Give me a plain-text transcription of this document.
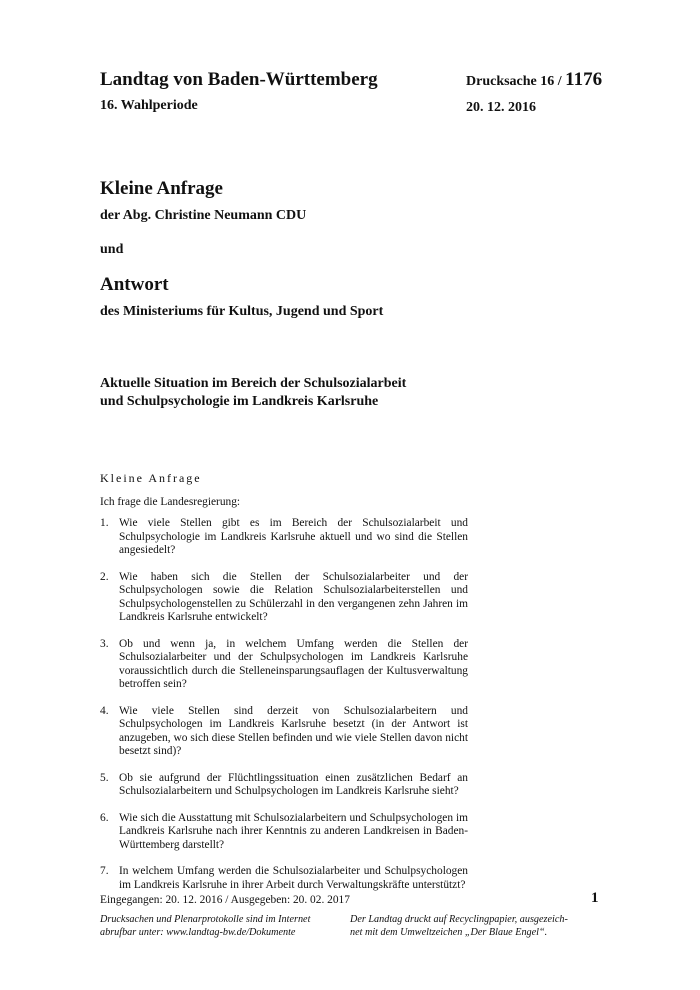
Landtag von Baden-Württemberg
16. Wahlperiode
Drucksache 16 / 1176
20. 12. 2016
Kleine Anfrage
der Abg. Christine Neumann CDU
und
Antwort
des Ministeriums für Kultus, Jugend und Sport
Aktuelle Situation im Bereich der Schulsozialarbeit
und Schulpsychologie im Landkreis Karlsruhe
Kleine Anfrage
Ich frage die Landesregierung:
1. Wie viele Stellen gibt es im Bereich der Schulsozialarbeit und Schulpsychologie im Landkreis Karlsruhe aktuell und wo sind die Stellen angesiedelt?
2. Wie haben sich die Stellen der Schulsozialarbeiter und der Schulpsychologen sowie die Relation Schulsozialarbeiterstellen und Schulpsychologenstellen zu Schülerzahl in den vergangenen zehn Jahren im Landkreis Karlsruhe entwickelt?
3. Ob und wenn ja, in welchem Umfang werden die Stellen der Schulsozialarbeiter und der Schulpsychologen im Landkreis Karlsruhe voraussichtlich durch die Stelleneinsparungsauflagen der Kultusverwaltung betroffen sein?
4. Wie viele Stellen sind derzeit von Schulsozialarbeitern und Schulpsychologen im Landkreis Karlsruhe besetzt (in der Antwort ist anzugeben, wo sich diese Stellen befinden und wie viele Stellen davon nicht besetzt sind)?
5. Ob sie aufgrund der Flüchtlingssituation einen zusätzlichen Bedarf an Schulsozialarbeitern und Schulpsychologen im Landkreis Karlsruhe sieht?
6. Wie sich die Ausstattung mit Schulsozialarbeitern und Schulpsychologen im Landkreis Karlsruhe nach ihrer Kenntnis zu anderen Landkreisen in Baden-Württemberg darstellt?
7. In welchem Umfang werden die Schulsozialarbeiter und Schulpsychologen im Landkreis Karlsruhe in ihrer Arbeit durch Verwaltungskräfte unterstützt?
Eingegangen: 20. 12. 2016 / Ausgegeben: 20. 02. 2017	1
Drucksachen und Plenarprotokolle sind im Internet
abrufbar unter: www.landtag-bw.de/Dokumente
Der Landtag druckt auf Recyclingpapier, ausgezeich-
net mit dem Umweltzeichen „Der Blaue Engel“.
